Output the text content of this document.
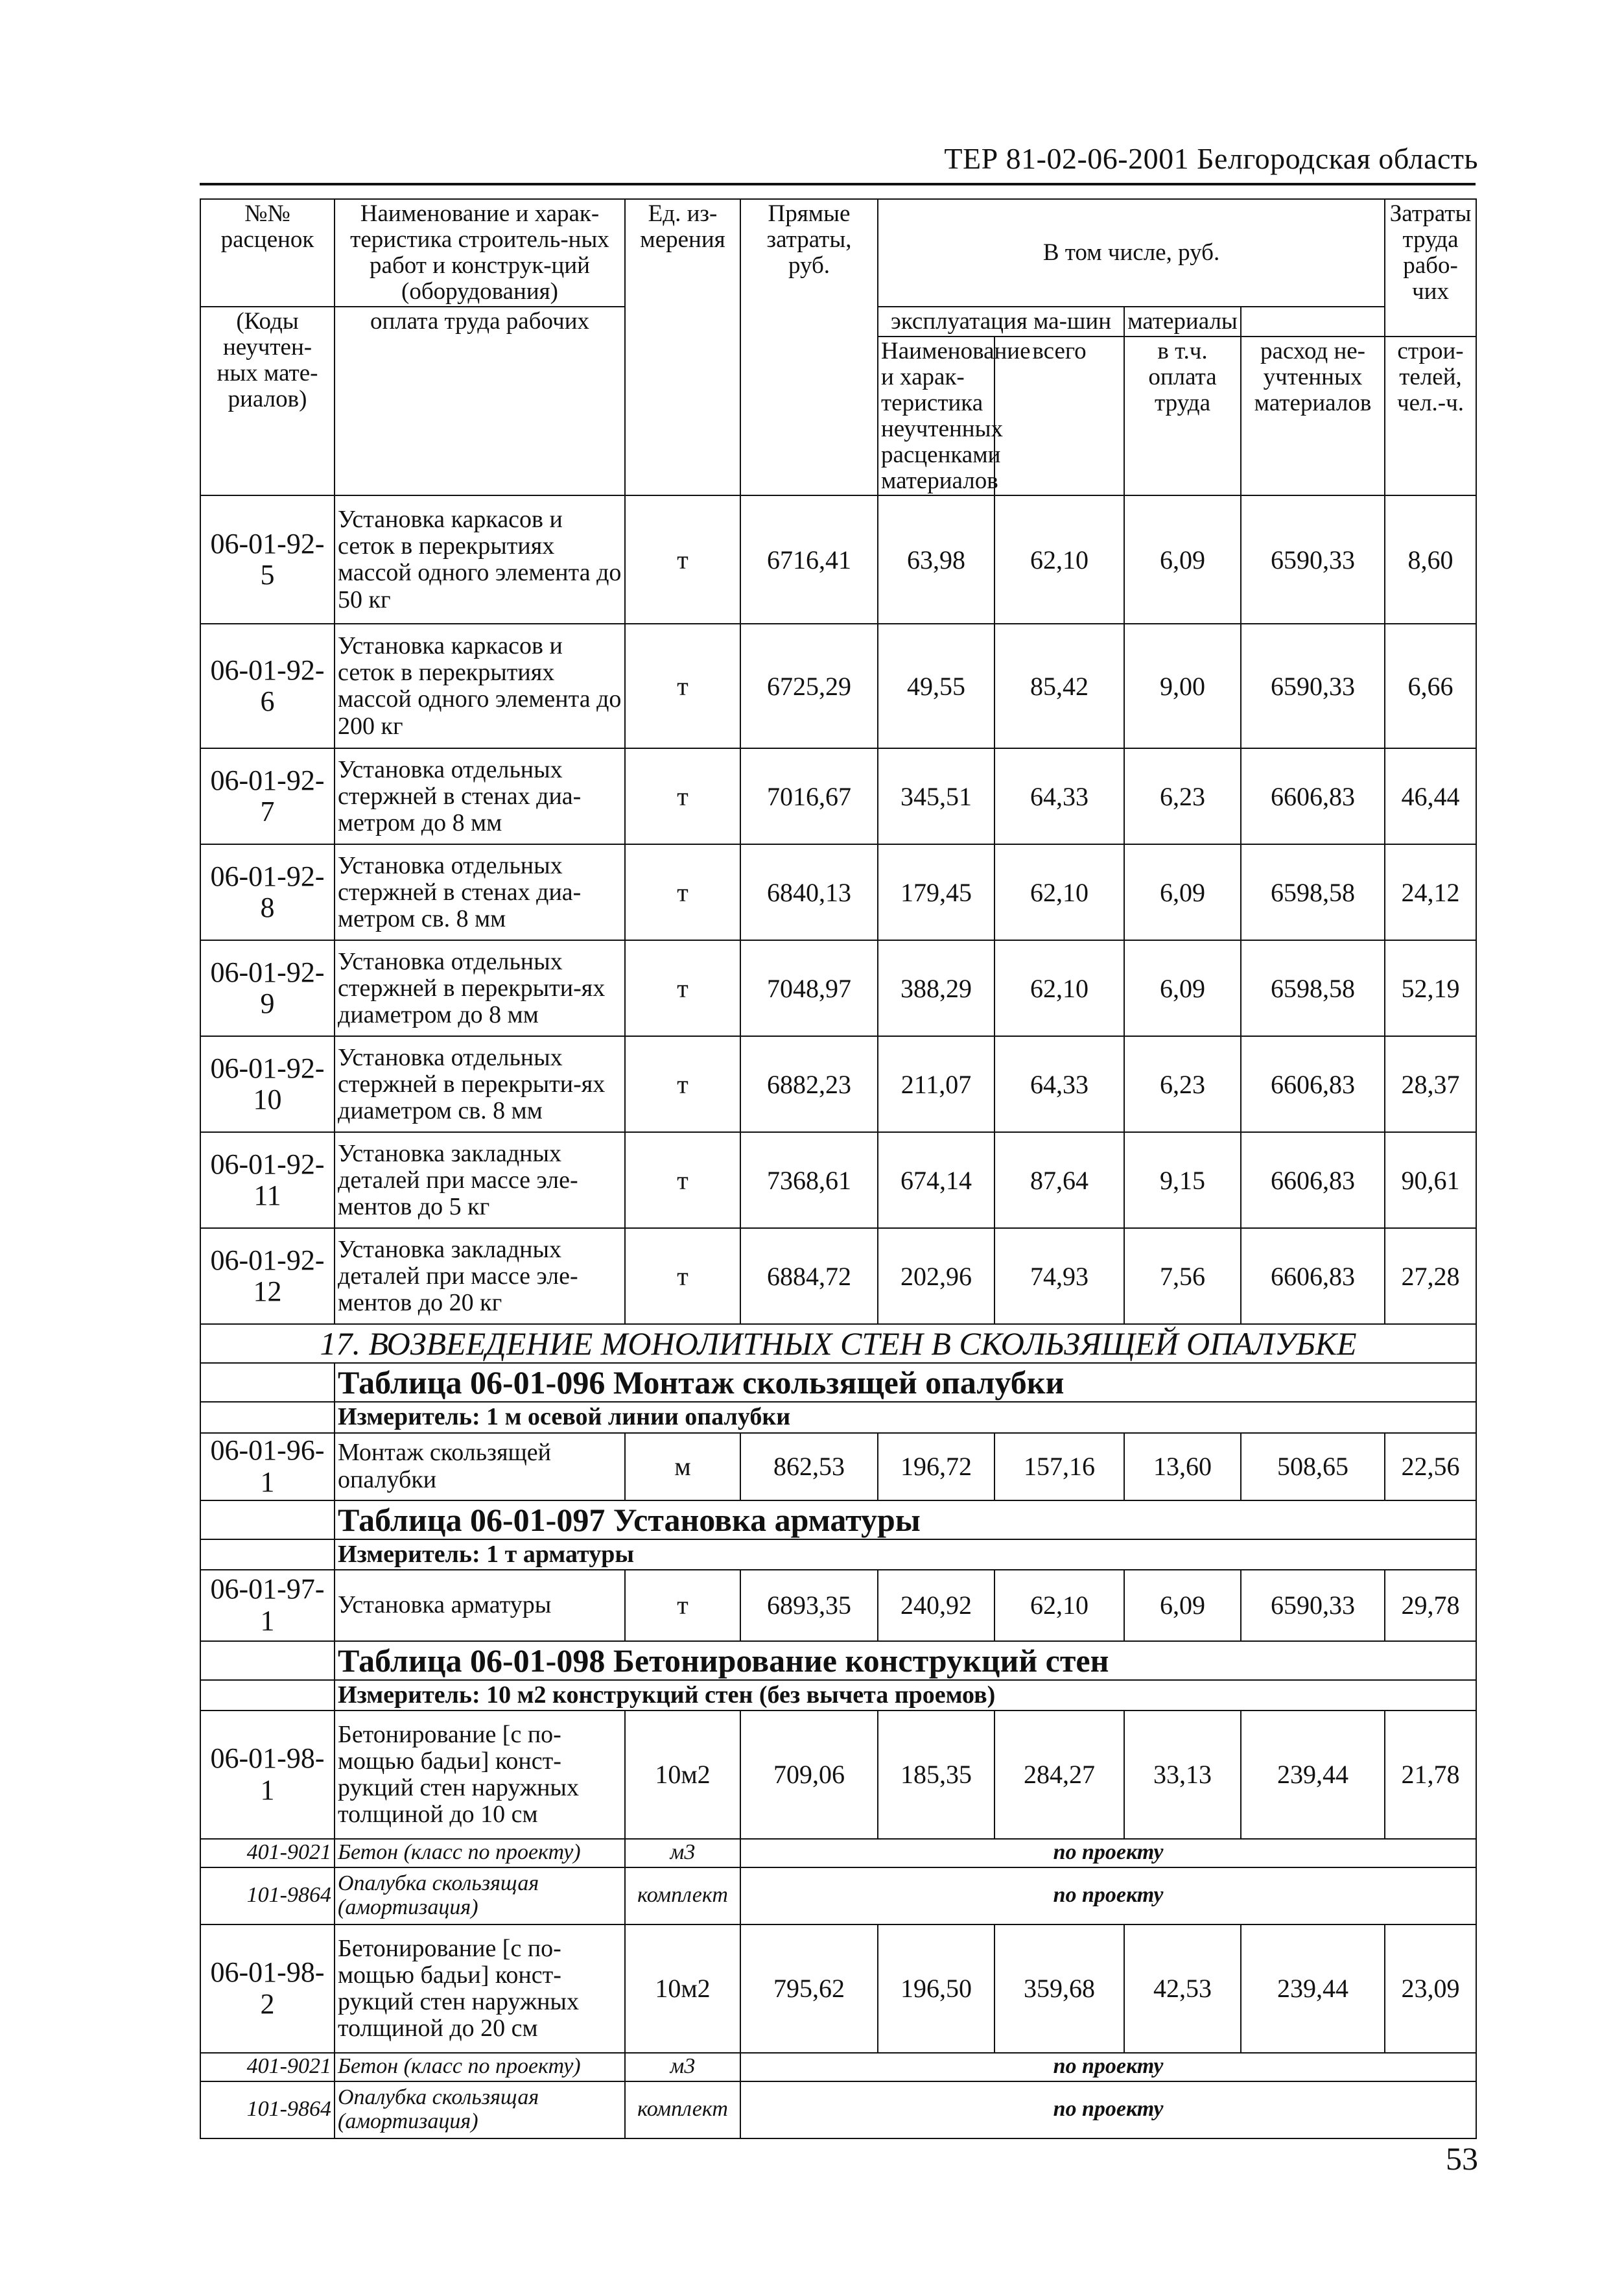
ТЕР 81-02-06-2001 Белгородская область
№№ расценок	Наименование и харак-теристика строитель-ных работ и конструк-ций (оборудования)	Ед. из-мерения	Прямые затраты, руб.	В том числе, руб.				Затраты труда рабо-чих
(Коды неучтен-ных мате-риалов)	оплата труда рабочих			эксплуатация ма-шин		материалы		
				Наименование и харак-теристика неучтенных расценками материалов	всего	в т.ч. оплата труда	расход не-учтенных материалов	строи-телей, чел.-ч.
06-01-92-5	Установка каркасов и сеток в перекрытиях массой одного элемента до 50 кг	т	6716,41	63,98	62,10	6,09	6590,33	8,60
06-01-92-6	Установка каркасов и сеток в перекрытиях массой одного элемента до 200 кг	т	6725,29	49,55	85,42	9,00	6590,33	6,66
06-01-92-7	Установка отдельных стержней в стенах диа-метром до 8 мм	т	7016,67	345,51	64,33	6,23	6606,83	46,44
06-01-92-8	Установка отдельных стержней в стенах диа-метром св. 8 мм	т	6840,13	179,45	62,10	6,09	6598,58	24,12
06-01-92-9	Установка отдельных стержней в перекрыти-ях диаметром до 8 мм	т	7048,97	388,29	62,10	6,09	6598,58	52,19
06-01-92-10	Установка отдельных стержней в перекрыти-ях диаметром св. 8 мм	т	6882,23	211,07	64,33	6,23	6606,83	28,37
06-01-92-11	Установка закладных деталей при массе эле-ментов до 5 кг	т	7368,61	674,14	87,64	9,15	6606,83	90,61
06-01-92-12	Установка закладных деталей при массе эле-ментов до 20 кг	т	6884,72	202,96	74,93	7,56	6606,83	27,28
17. ВОЗВЕЕДЕНИЕ МОНОЛИТНЫХ СТЕН В СКОЛЬЗЯЩЕЙ ОПАЛУБКЕ								
	Таблица 06-01-096 Монтаж скользящей опалубки							
	Измеритель: 1 м осевой линии опалубки							
06-01-96-1	Монтаж скользящей опалубки	м	862,53	196,72	157,16	13,60	508,65	22,56
	Таблица 06-01-097 Установка арматуры							
	Измеритель: 1 т арматуры							
06-01-97-1	Установка арматуры	т	6893,35	240,92	62,10	6,09	6590,33	29,78
	Таблица 06-01-098 Бетонирование конструкций стен							
	Измеритель: 10 м2 конструкций стен (без вычета проемов)							
06-01-98-1	Бетонирование [с по-мощью бадьи] конст-рукций стен наружных толщиной до 10 см	10м2	709,06	185,35	284,27	33,13	239,44	21,78
401-9021	Бетон (класс по проекту)	м3	по проекту					
101-9864	Опалубка скользящая (амортизация)	комплект	по проекту					
06-01-98-2	Бетонирование [с по-мощью бадьи] конст-рукций стен наружных толщиной до 20 см	10м2	795,62	196,50	359,68	42,53	239,44	23,09
401-9021	Бетон (класс по проекту)	м3	по проекту					
101-9864	Опалубка скользящая (амортизация)	комплект	по проекту					
53
